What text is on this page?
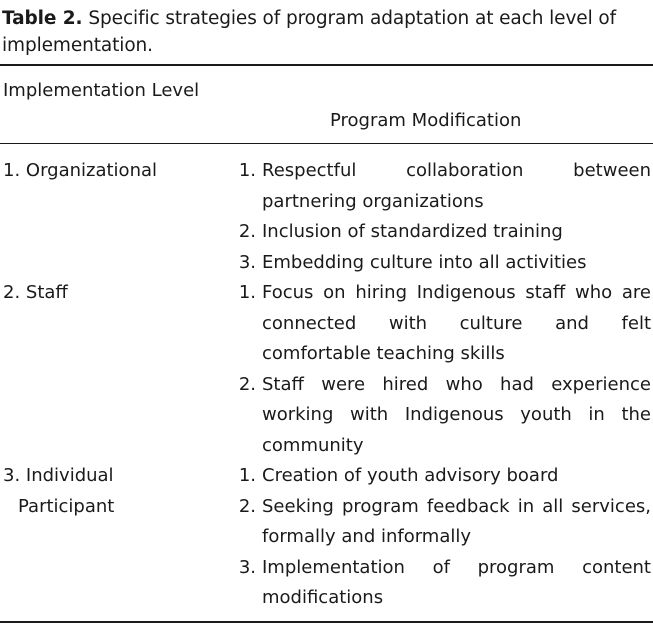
Table 2. Specific strategies of program adaptation at each level of implementation.
Implementation Level
Program Modification
1. Organizational	1. Respectful collaboration between partnering organizations
2. Inclusion of standardized training
3. Embedding culture into all activities
2. Staff	1. Focus on hiring Indigenous staff who are connected with culture and felt comfortable teaching skills
2. Staff were hired who had experience working with Indigenous youth in the community
3. Individual
Participant
1. Creation of youth advisory board
2. Seeking program feedback in all services, formally and informally
3. Implementation of program content modifications
